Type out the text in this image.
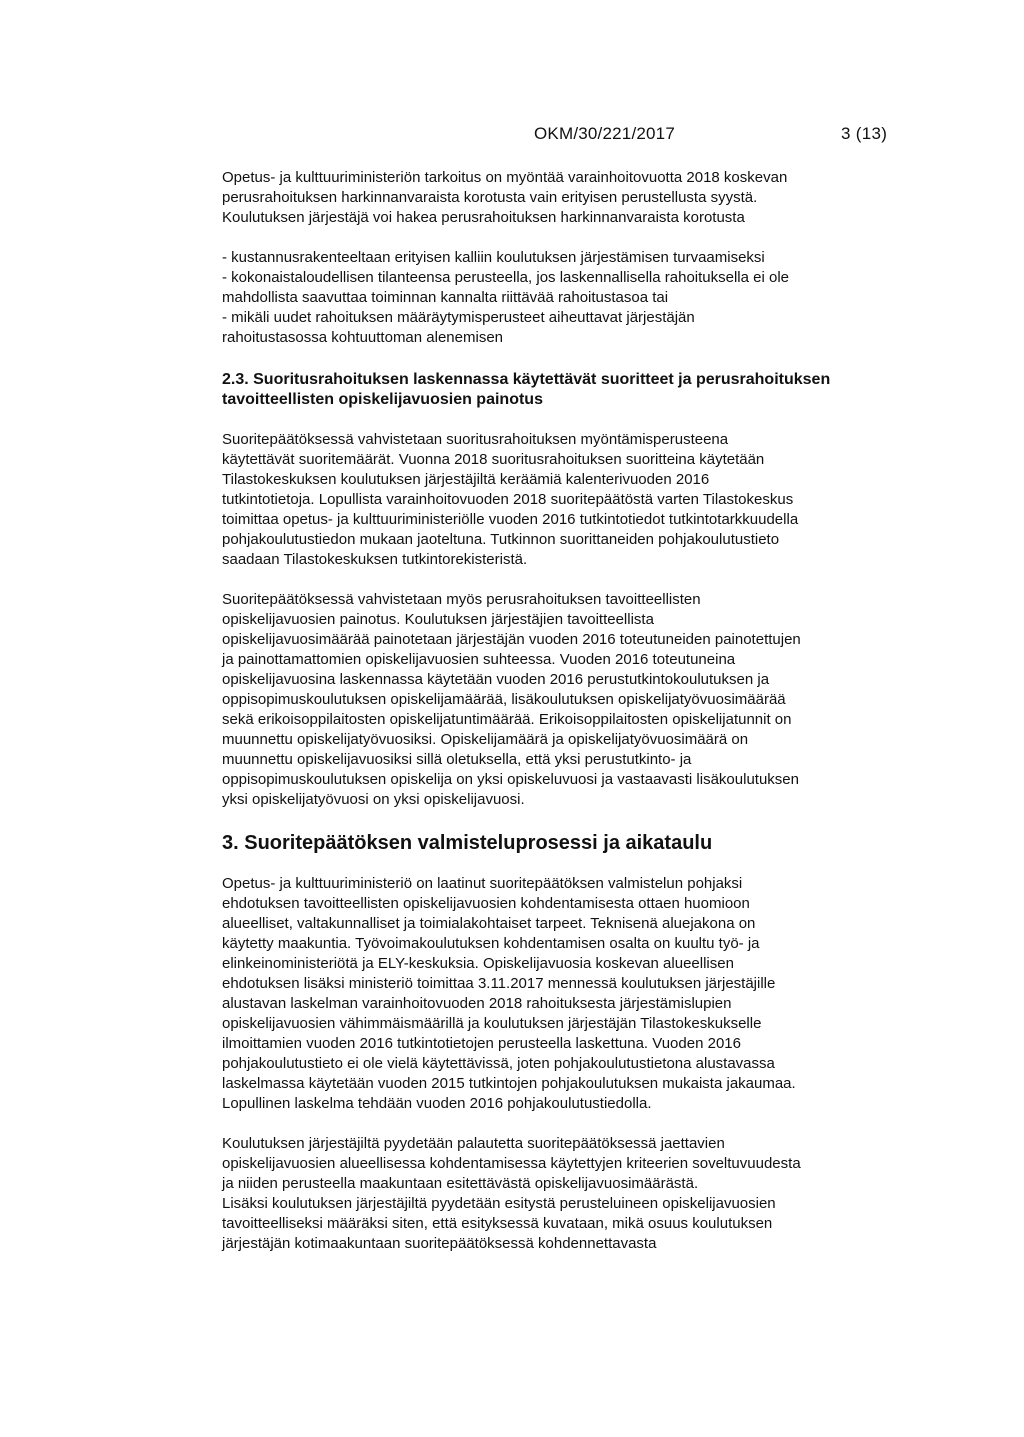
OKM/30/221/2017	3 (13)

Opetus- ja kulttuuriministeriön tarkoitus on myöntää varainhoitovuotta 2018 koskevan
perusrahoituksen harkinnanvaraista korotusta vain erityisen perustellusta syystä.
Koulutuksen järjestäjä voi hakea perusrahoituksen harkinnanvaraista korotusta

- kustannusrakenteeltaan erityisen kalliin koulutuksen järjestämisen turvaamiseksi
- kokonaistaloudellisen tilanteensa perusteella, jos laskennallisella rahoituksella ei ole
mahdollista saavuttaa toiminnan kannalta riittävää rahoitustasoa tai
- mikäli uudet rahoituksen määräytymisperusteet aiheuttavat järjestäjän
rahoitustasossa kohtuuttoman alenemisen
2.3. Suoritusrahoituksen laskennassa käytettävät suoritteet ja perusrahoituksen
tavoitteellisten opiskelijavuosien painotus

Suoritepäätöksessä vahvistetaan suoritusrahoituksen myöntämisperusteena
käytettävät suoritemäärät. Vuonna 2018 suoritusrahoituksen suoritteina käytetään
Tilastokeskuksen koulutuksen järjestäjiltä keräämiä kalenterivuoden 2016
tutkintotietoja. Lopullista varainhoitovuoden 2018 suoritepäätöstä varten Tilastokeskus
toimittaa opetus- ja kulttuuriministeriölle vuoden 2016 tutkintotiedot tutkintotarkkuudella
pohjakoulutustiedon mukaan jaoteltuna. Tutkinnon suorittaneiden pohjakoulutustieto
saadaan Tilastokeskuksen tutkintorekisteristä.

Suoritepäätöksessä vahvistetaan myös perusrahoituksen tavoitteellisten
opiskelijavuosien painotus. Koulutuksen järjestäjien tavoitteellista
opiskelijavuosimäärää painotetaan järjestäjän vuoden 2016 toteutuneiden painotettujen
ja painottamattomien opiskelijavuosien suhteessa. Vuoden 2016 toteutuneina
opiskelijavuosina laskennassa käytetään vuoden 2016 perustutkintokoulutuksen ja
oppisopimuskoulutuksen opiskelijamäärää, lisäkoulutuksen opiskelijatyövuosimäärää
sekä erikoisoppilaitosten opiskelijatuntimäärää. Erikoisoppilaitosten opiskelijatunnit on
muunnettu opiskelijatyövuosiksi. Opiskelijamäärä ja opiskelijatyövuosimäärä on
muunnettu opiskelijavuosiksi sillä oletuksella, että yksi perustutkinto- ja
oppisopimuskoulutuksen opiskelija on yksi opiskeluvuosi ja vastaavasti lisäkoulutuksen
yksi opiskelijatyövuosi on yksi opiskelijavuosi.

3. Suoritepäätöksen valmisteluprosessi ja aikataulu

Opetus- ja kulttuuriministeriö on laatinut suoritepäätöksen valmistelun pohjaksi
ehdotuksen tavoitteellisten opiskelijavuosien kohdentamisesta ottaen huomioon
alueelliset, valtakunnalliset ja toimialakohtaiset tarpeet. Teknisenä aluejakona on
käytetty maakuntia. Työvoimakoulutuksen kohdentamisen osalta on kuultu työ- ja
elinkeinoministeriötä ja ELY-keskuksia. Opiskelijavuosia koskevan alueellisen
ehdotuksen lisäksi ministeriö toimittaa 3.11.2017 mennessä koulutuksen järjestäjille
alustavan laskelman varainhoitovuoden 2018 rahoituksesta järjestämislupien
opiskelijavuosien vähimmäismäärillä ja koulutuksen järjestäjän Tilastokeskukselle
ilmoittamien vuoden 2016 tutkintotietojen perusteella laskettuna. Vuoden 2016
pohjakoulutustieto ei ole vielä käytettävissä, joten pohjakoulutustietona alustavassa
laskelmassa käytetään vuoden 2015 tutkintojen pohjakoulutuksen mukaista jakaumaa.
Lopullinen laskelma tehdään vuoden 2016 pohjakoulutustiedolla.

Koulutuksen järjestäjiltä pyydetään palautetta suoritepäätöksessä jaettavien
opiskelijavuosien alueellisessa kohdentamisessa käytettyjen kriteerien soveltuvuudesta
ja niiden perusteella maakuntaan esitettävästä opiskelijavuosimäärästä.
Lisäksi koulutuksen järjestäjiltä pyydetään esitystä perusteluineen opiskelijavuosien
tavoitteelliseksi määräksi siten, että esityksessä kuvataan, mikä osuus koulutuksen
järjestäjän kotimaakuntaan suoritepäätöksessä kohdennettavasta
